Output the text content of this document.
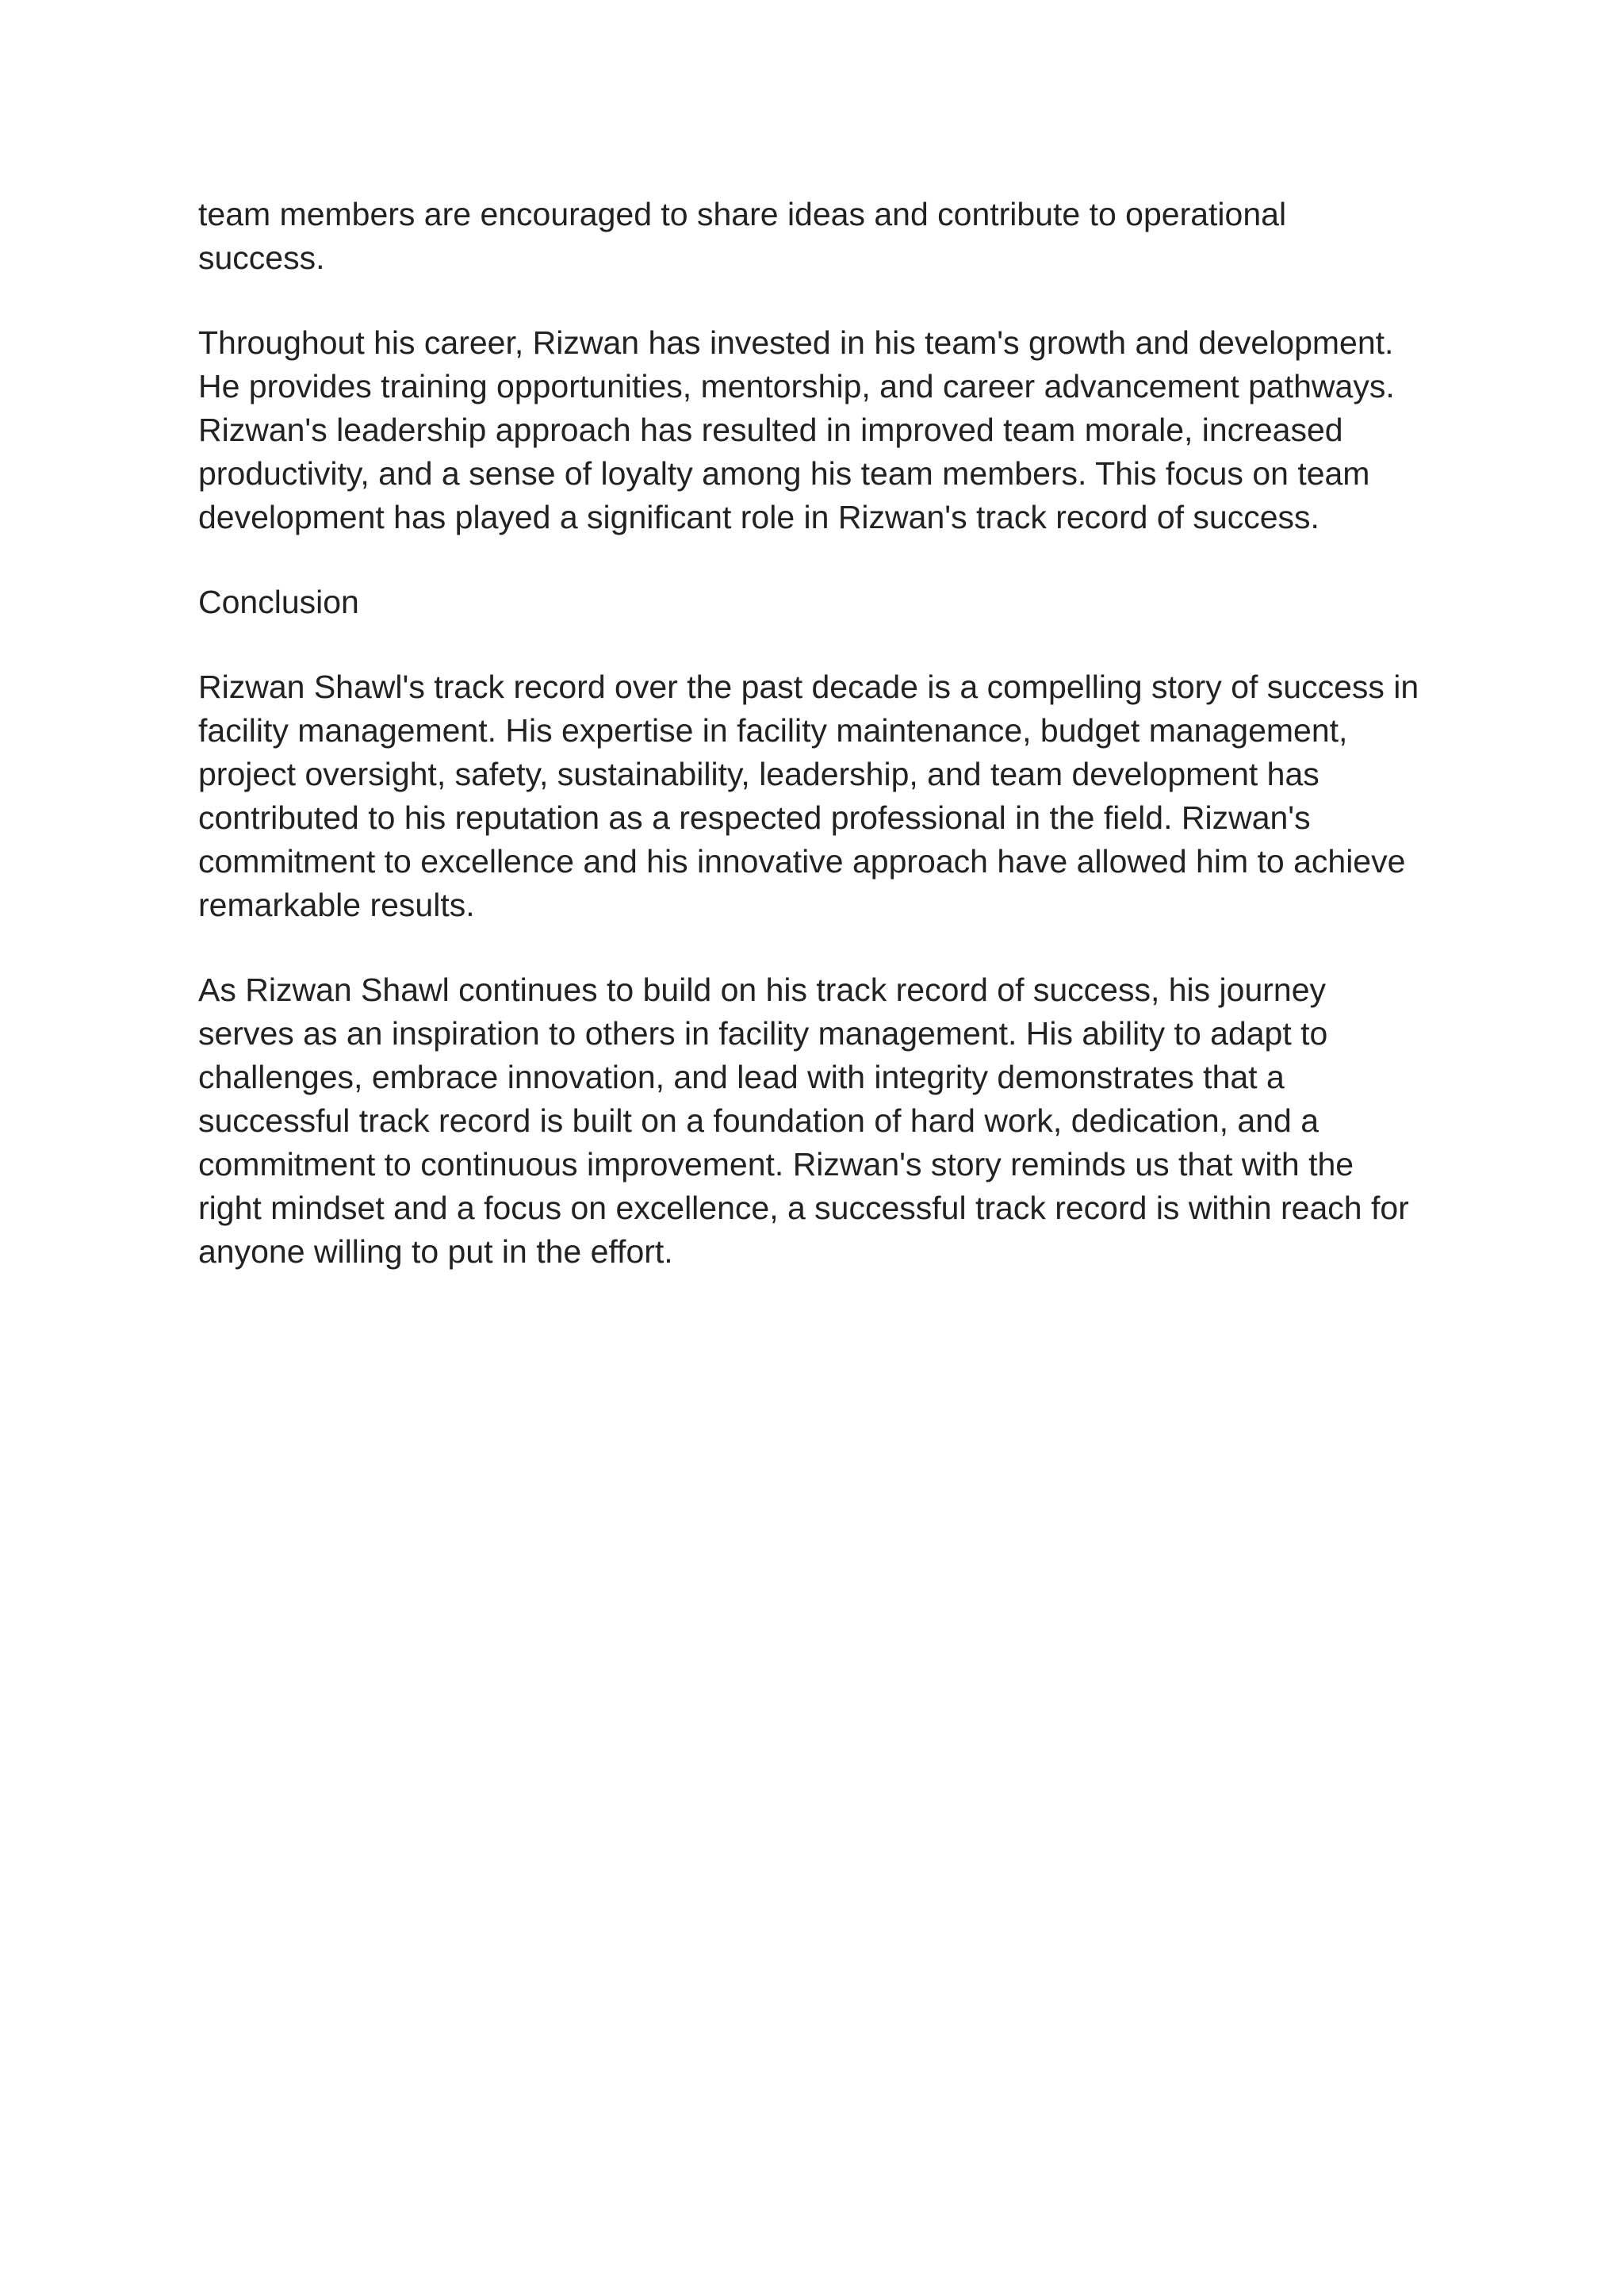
team members are encouraged to share ideas and contribute to operational
success.

Throughout his career, Rizwan has invested in his team's growth and development.
He provides training opportunities, mentorship, and career advancement pathways.
Rizwan's leadership approach has resulted in improved team morale, increased
productivity, and a sense of loyalty among his team members. This focus on team
development has played a significant role in Rizwan's track record of success.

Conclusion

Rizwan Shawl's track record over the past decade is a compelling story of success in
facility management. His expertise in facility maintenance, budget management,
project oversight, safety, sustainability, leadership, and team development has
contributed to his reputation as a respected professional in the field. Rizwan's
commitment to excellence and his innovative approach have allowed him to achieve
remarkable results.

As Rizwan Shawl continues to build on his track record of success, his journey
serves as an inspiration to others in facility management. His ability to adapt to
challenges, embrace innovation, and lead with integrity demonstrates that a
successful track record is built on a foundation of hard work, dedication, and a
commitment to continuous improvement. Rizwan's story reminds us that with the
right mindset and a focus on excellence, a successful track record is within reach for
anyone willing to put in the effort.
